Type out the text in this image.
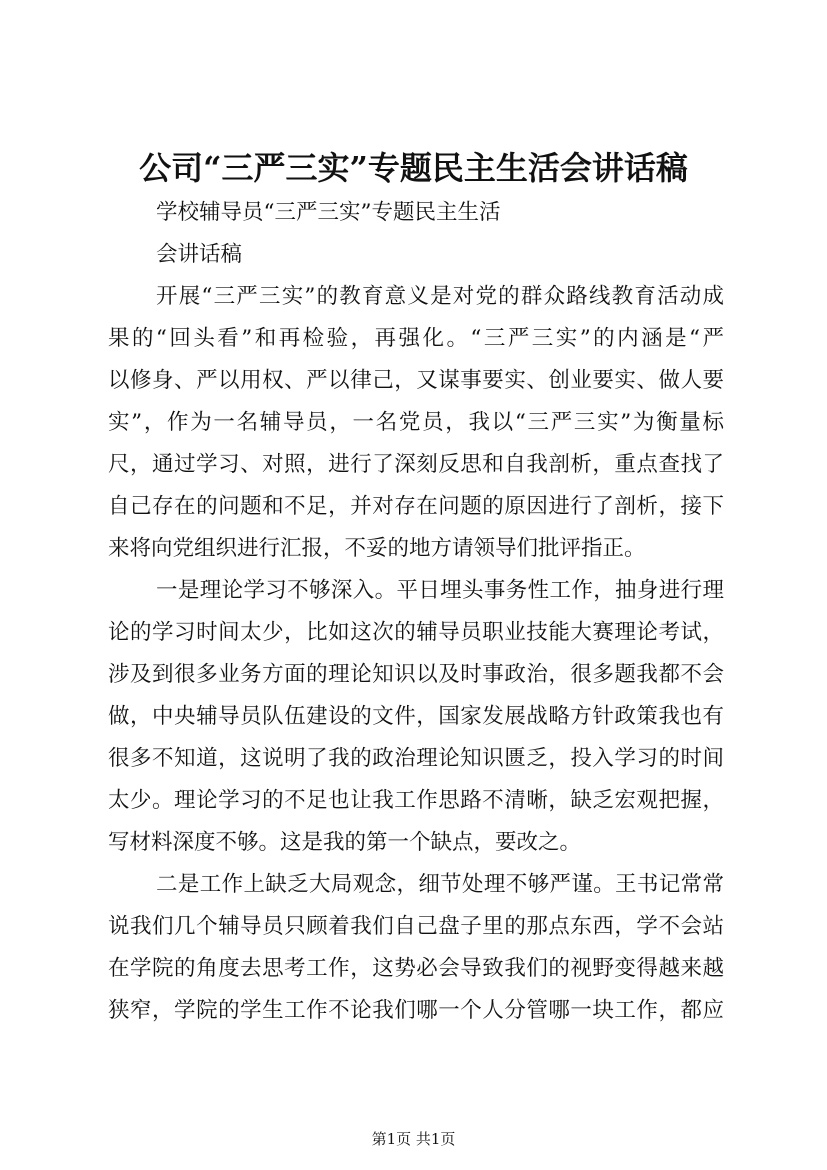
公司“三严三实”专题民主生活会讲话稿
学校辅导员“三严三实”专题民主生活
会讲话稿
开展“三严三实”的教育意义是对党的群众路线教育活动成
果的“回头看”和再检验，再强化。“三严三实”的内涵是“严
以修身、严以用权、严以律己，又谋事要实、创业要实、做人要
实”，作为一名辅导员，一名党员，我以“三严三实”为衡量标
尺，通过学习、对照，进行了深刻反思和自我剖析，重点查找了
自己存在的问题和不足，并对存在问题的原因进行了剖析，接下
来将向党组织进行汇报，不妥的地方请领导们批评指正。
一是理论学习不够深入。平日埋头事务性工作，抽身进行理
论的学习时间太少，比如这次的辅导员职业技能大赛理论考试，
涉及到很多业务方面的理论知识以及时事政治，很多题我都不会
做，中央辅导员队伍建设的文件，国家发展战略方针政策我也有
很多不知道，这说明了我的政治理论知识匮乏，投入学习的时间
太少。理论学习的不足也让我工作思路不清晰，缺乏宏观把握，
写材料深度不够。这是我的第一个缺点，要改之。
二是工作上缺乏大局观念，细节处理不够严谨。王书记常常
说我们几个辅导员只顾着我们自己盘子里的那点东西，学不会站
在学院的角度去思考工作，这势必会导致我们的视野变得越来越
狭窄，学院的学生工作不论我们哪一个人分管哪一块工作，都应
第1页 共1页
